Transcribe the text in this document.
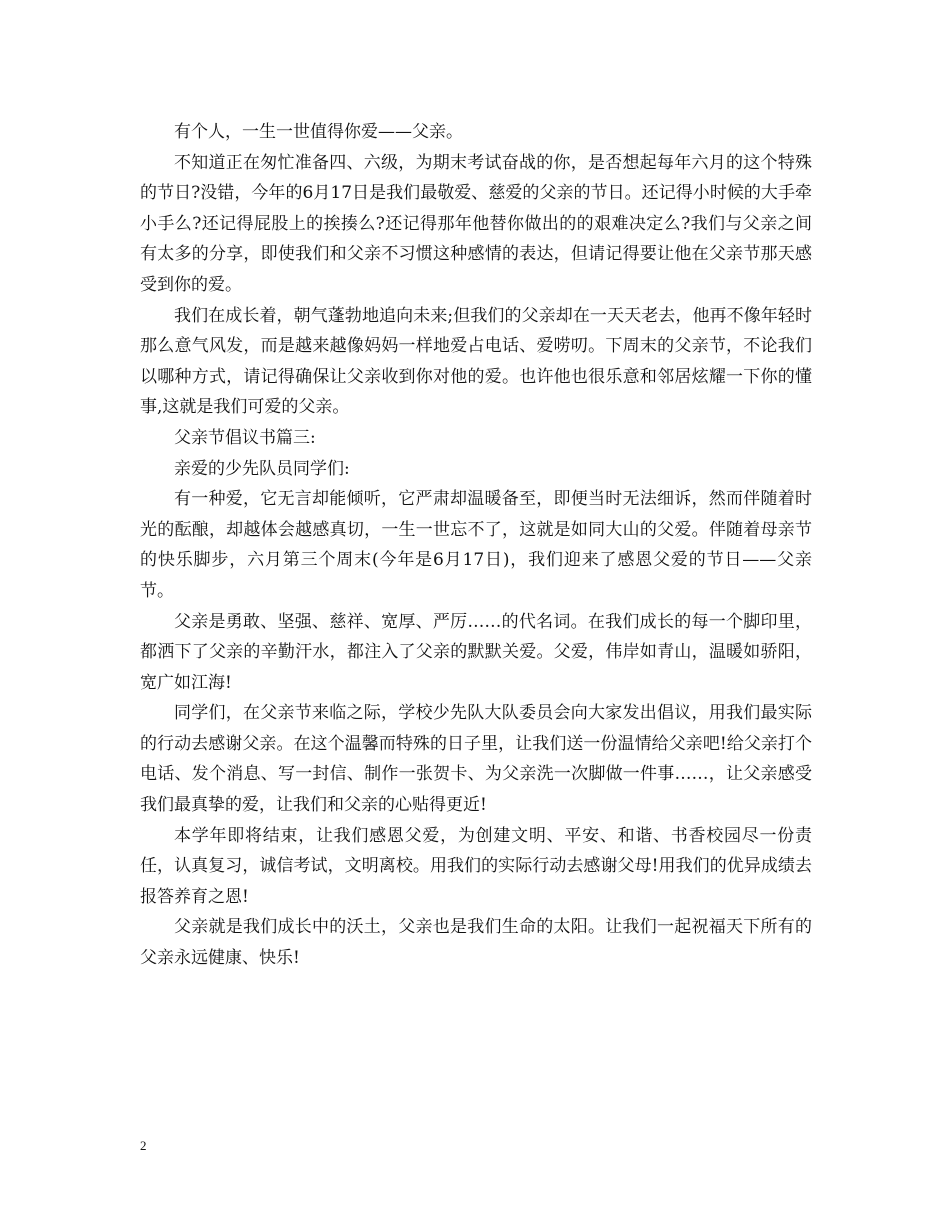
有个人，一生一世值得你爱——父亲。

不知道正在匆忙准备四、六级，为期末考试奋战的你，是否想起每年六月的这个特殊的节日?没错，今年的6月17日是我们最敬爱、慈爱的父亲的节日。还记得小时候的大手牵小手么?还记得屁股上的挨揍么?还记得那年他替你做出的的艰难决定么?我们与父亲之间有太多的分享，即使我们和父亲不习惯这种感情的表达，但请记得要让他在父亲节那天感受到你的爱。

我们在成长着，朝气蓬勃地追向未来;但我们的父亲却在一天天老去，他再不像年轻时那么意气风发，而是越来越像妈妈一样地爱占电话、爱唠叨。下周末的父亲节，不论我们以哪种方式，请记得确保让父亲收到你对他的爱。也许他也很乐意和邻居炫耀一下你的懂事,这就是我们可爱的父亲。

父亲节倡议书篇三:

亲爱的少先队员同学们:

有一种爱，它无言却能倾听，它严肃却温暖备至，即便当时无法细诉，然而伴随着时光的酝酿，却越体会越感真切，一生一世忘不了，这就是如同大山的父爱。伴随着母亲节的快乐脚步，六月第三个周末(今年是6月17日)，我们迎来了感恩父爱的节日——父亲节。

父亲是勇敢、坚强、慈祥、宽厚、严厉……的代名词。在我们成长的每一个脚印里，都洒下了父亲的辛勤汗水，都注入了父亲的默默关爱。父爱，伟岸如青山，温暖如骄阳，宽广如江海!

同学们，在父亲节来临之际，学校少先队大队委员会向大家发出倡议，用我们最实际的行动去感谢父亲。在这个温馨而特殊的日子里，让我们送一份温情给父亲吧!给父亲打个电话、发个消息、写一封信、制作一张贺卡、为父亲洗一次脚做一件事……，让父亲感受我们最真挚的爱，让我们和父亲的心贴得更近!

本学年即将结束，让我们感恩父爱，为创建文明、平安、和谐、书香校园尽一份责任，认真复习，诚信考试，文明离校。用我们的实际行动去感谢父母!用我们的优异成绩去报答养育之恩!

父亲就是我们成长中的沃土，父亲也是我们生命的太阳。让我们一起祝福天下所有的父亲永远健康、快乐!

2
